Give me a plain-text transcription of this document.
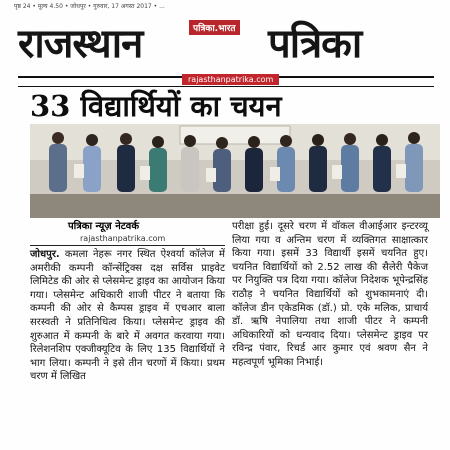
पृष्ठ 24 • मूल्य 4.50 • जोधपुर • गुरुवार, 17 अगस्त 2017 • ...
राजस्थान	पत्रिका.भारत पत्रिका
rajasthanpatrika.com
33 विद्यार्थियों का चयन
पत्रिका न्यूज़ नेटवर्क
rajasthanpatrika.com

जोधपुर. कमला नेहरू नगर स्थित ऐश्वर्या कॉलेज में अमरीकी कम्पनी कॉन्सेंट्रिक्स दक्ष सर्विस प्राइवेट लिमिटेड की ओर से प्लेसमेन्ट ड्राइव का आयोजन किया गया। प्लेसमेन्ट अधिकारी शाजी पीटर ने बताया कि कम्पनी की ओर से कैम्पस ड्राइव में एचआर बाला सरस्वती ने प्रतिनिधित्व किया। प्लेसमेन्ट ड्राइव की शुरुआत में कम्पनी के बारे में अवगत करवाया गया। रिलेशनशिप एक्जीक्यूटिव के लिए 135 विद्यार्थियों ने भाग लिया। कम्पनी ने इसे तीन चरणों में किया। प्रथम चरण में लिखित

परीक्षा हुई। दूसरे चरण में वॉकल वीआईआर इन्टरव्यू लिया गया व अन्तिम चरण में व्यक्तिगत साक्षात्कार किया गया। इसमें 33 विद्यार्थी इसमें चयनित हुए। चयनित विद्यार्थियों को 2.52 लाख की सैलेरी पैकेज पर नियुक्ति पत्र दिया गया। कॉलेज निदेशक भूपेन्द्रसिंह राठौड़ ने चयनित विद्यार्थियों को शुभकामनाएं दी। कॉलेज डीन एकेडमिक (डॉ.) प्रो. एके मलिक, प्राचार्य डॉ. ऋषि नेपालिया तथा शाजी पीटर ने कम्पनी अधिकारियों को धन्यवाद दिया। प्लेसमेन्ट ड्राइव पर रविन्द्र पंवार, रिचर्ड आर कुमार एवं श्रवण सैन ने महत्वपूर्ण भूमिका निभाई।
